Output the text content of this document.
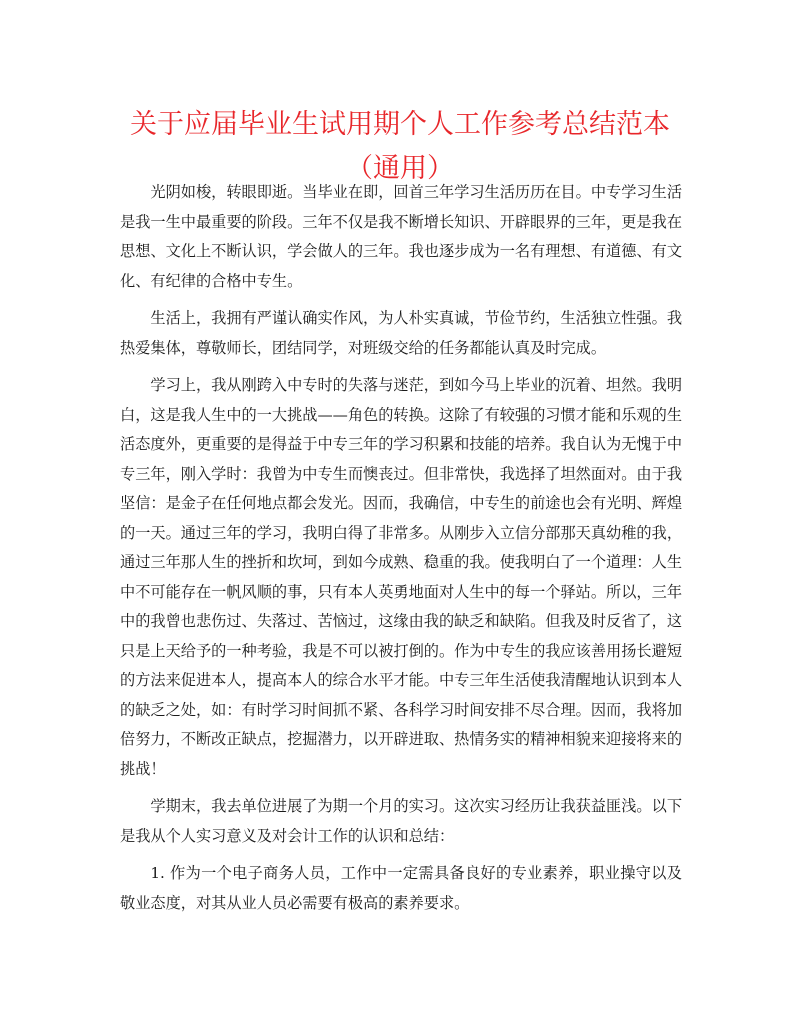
关于应届毕业生试用期个人工作参考总结范本（通用）

光阴如梭，转眼即逝。当毕业在即，回首三年学习生活历历在目。中专学习生活是我一生中最重要的阶段。三年不仅是我不断增长知识、开辟眼界的三年，更是我在思想、文化上不断认识，学会做人的三年。我也逐步成为一名有理想、有道德、有文化、有纪律的合格中专生。

生活上，我拥有严谨认确实作风，为人朴实真诚，节俭节约，生活独立性强。我热爱集体，尊敬师长，团结同学，对班级交给的任务都能认真及时完成。

学习上，我从刚跨入中专时的失落与迷茫，到如今马上毕业的沉着、坦然。我明白，这是我人生中的一大挑战——角色的转换。这除了有较强的习惯才能和乐观的生活态度外，更重要的是得益于中专三年的学习积累和技能的培养。我自认为无愧于中专三年，刚入学时：我曾为中专生而懊丧过。但非常快，我选择了坦然面对。由于我坚信：是金子在任何地点都会发光。因而，我确信，中专生的前途也会有光明、辉煌的一天。通过三年的学习，我明白得了非常多。从刚步入立信分部那天真幼稚的我，通过三年那人生的挫折和坎坷，到如今成熟、稳重的我。使我明白了一个道理：人生中不可能存在一帆风顺的事，只有本人英勇地面对人生中的每一个驿站。所以，三年中的我曾也悲伤过、失落过、苦恼过，这缘由我的缺乏和缺陷。但我及时反省了，这只是上天给予的一种考验，我是不可以被打倒的。作为中专生的我应该善用扬长避短的方法来促进本人，提高本人的综合水平才能。中专三年生活使我清醒地认识到本人的缺乏之处，如：有时学习时间抓不紧、各科学习时间安排不尽合理。因而，我将加倍努力，不断改正缺点，挖掘潜力，以开辟进取、热情务实的精神相貌来迎接将来的挑战！

学期末，我去单位进展了为期一个月的实习。这次实习经历让我获益匪浅。以下是我从个人实习意义及对会计工作的认识和总结：

1. 作为一个电子商务人员，工作中一定需具备良好的专业素养，职业操守以及敬业态度，对其从业人员必需要有极高的素养要求。
